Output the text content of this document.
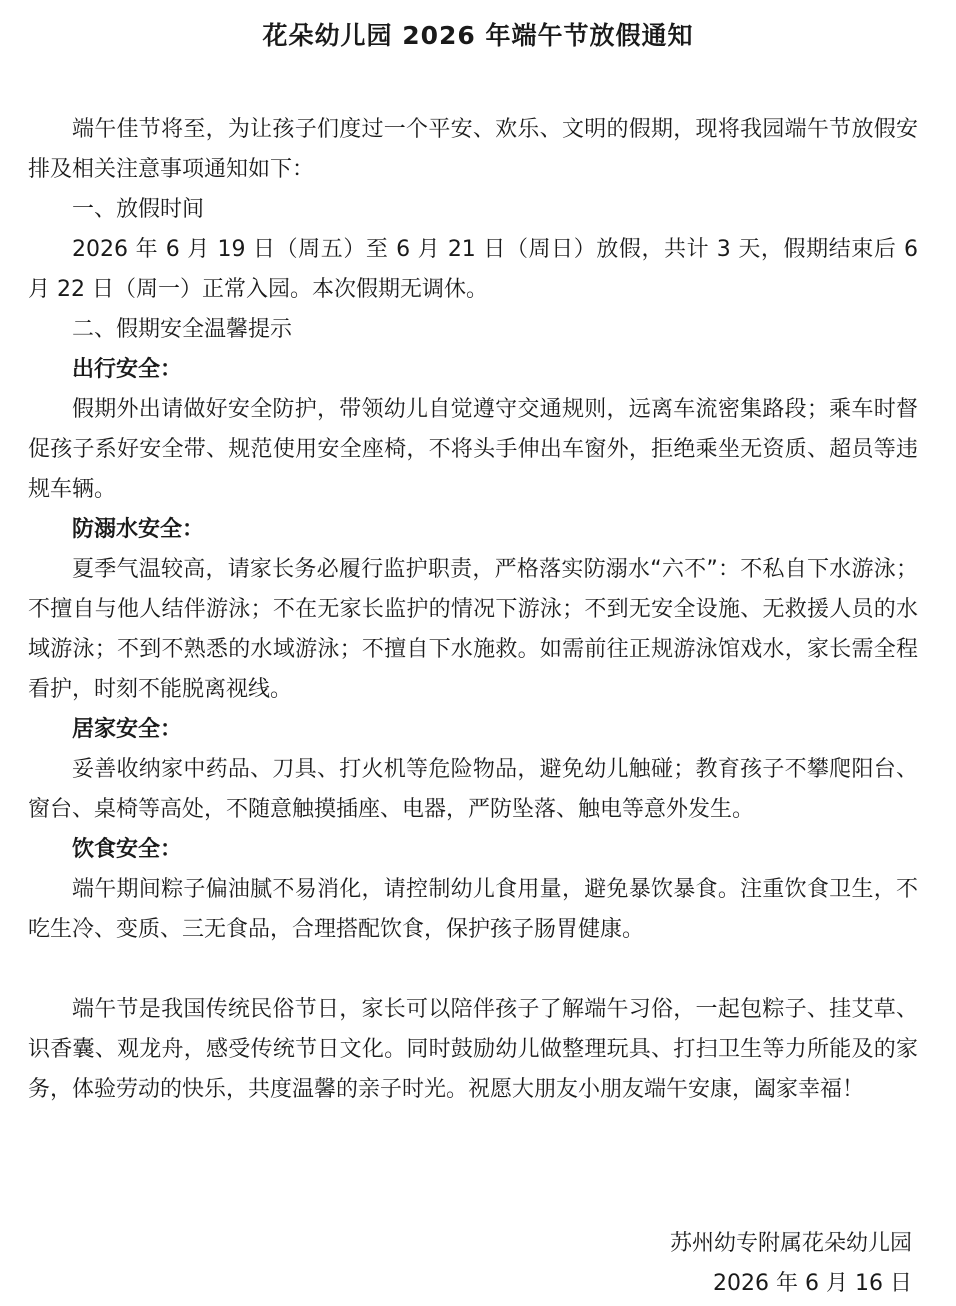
花朵幼儿园 2026 年端午节放假通知

端午佳节将至，为让孩子们度过一个平安、欢乐、文明的假期，现将我园端午节放假安排及相关注意事项通知如下：

一、放假时间

2026 年 6 月 19 日（周五）至 6 月 21 日（周日）放假，共计 3 天，假期结束后 6 月 22 日（周一）正常入园。本次假期无调休。

二、假期安全温馨提示

出行安全：

假期外出请做好安全防护，带领幼儿自觉遵守交通规则，远离车流密集路段；乘车时督促孩子系好安全带、规范使用安全座椅，不将头手伸出车窗外，拒绝乘坐无资质、超员等违规车辆。

防溺水安全：

夏季气温较高，请家长务必履行监护职责，严格落实防溺水“六不”：不私自下水游泳；不擅自与他人结伴游泳；不在无家长监护的情况下游泳；不到无安全设施、无救援人员的水域游泳；不到不熟悉的水域游泳；不擅自下水施救。如需前往正规游泳馆戏水，家长需全程看护，时刻不能脱离视线。

居家安全：

妥善收纳家中药品、刀具、打火机等危险物品，避免幼儿触碰；教育孩子不攀爬阳台、窗台、桌椅等高处，不随意触摸插座、电器，严防坠落、触电等意外发生。

饮食安全：

端午期间粽子偏油腻不易消化，请控制幼儿食用量，避免暴饮暴食。注重饮食卫生，不吃生冷、变质、三无食品，合理搭配饮食，保护孩子肠胃健康。

端午节是我国传统民俗节日，家长可以陪伴孩子了解端午习俗，一起包粽子、挂艾草、识香囊、观龙舟，感受传统节日文化。同时鼓励幼儿做整理玩具、打扫卫生等力所能及的家务，体验劳动的快乐，共度温馨的亲子时光。祝愿大朋友小朋友端午安康，阖家幸福！

苏州幼专附属花朵幼儿园
2026 年 6 月 16 日
